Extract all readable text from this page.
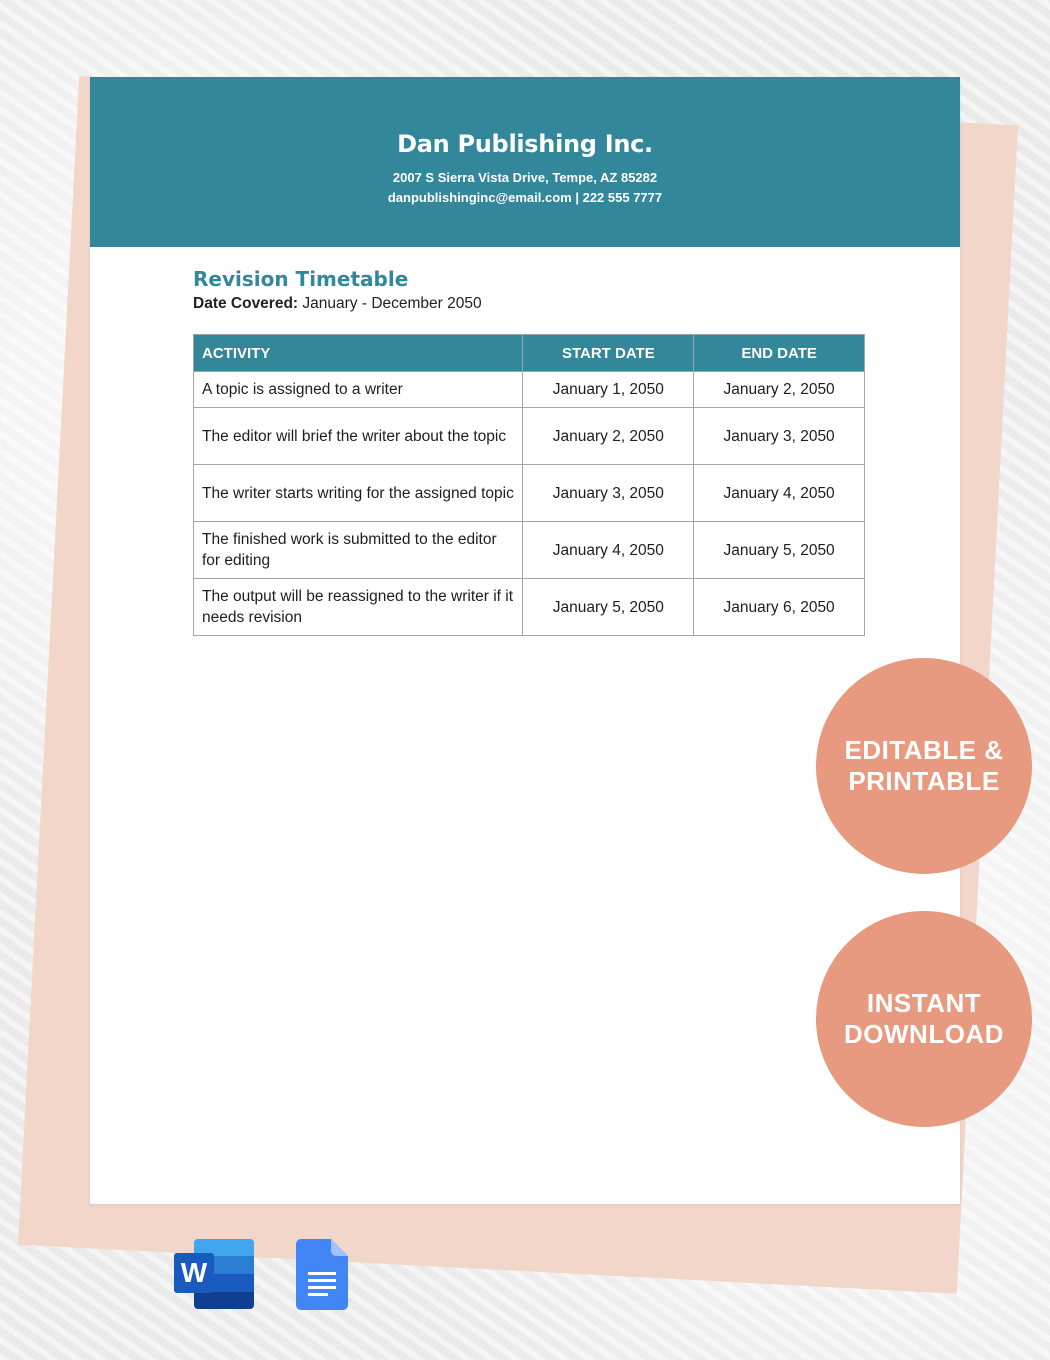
Dan Publishing Inc.
2007 S Sierra Vista Drive, Tempe, AZ 85282
danpublishinginc@email.com | 222 555 7777
Revision Timetable
Date Covered: January - December 2050
ACTIVITY	START DATE	END DATE
A topic is assigned to a writer	January 1, 2050	January 2, 2050
The editor will brief the writer about the topic	January 2, 2050	January 3, 2050
The writer starts writing for the assigned topic	January 3, 2050	January 4, 2050
The finished work is submitted to the editor for editing	January 4, 2050	January 5, 2050
The output will be reassigned to the writer if it needs revision	January 5, 2050	January 6, 2050
EDITABLE &
PRINTABLE
INSTANT
DOWNLOAD
W
